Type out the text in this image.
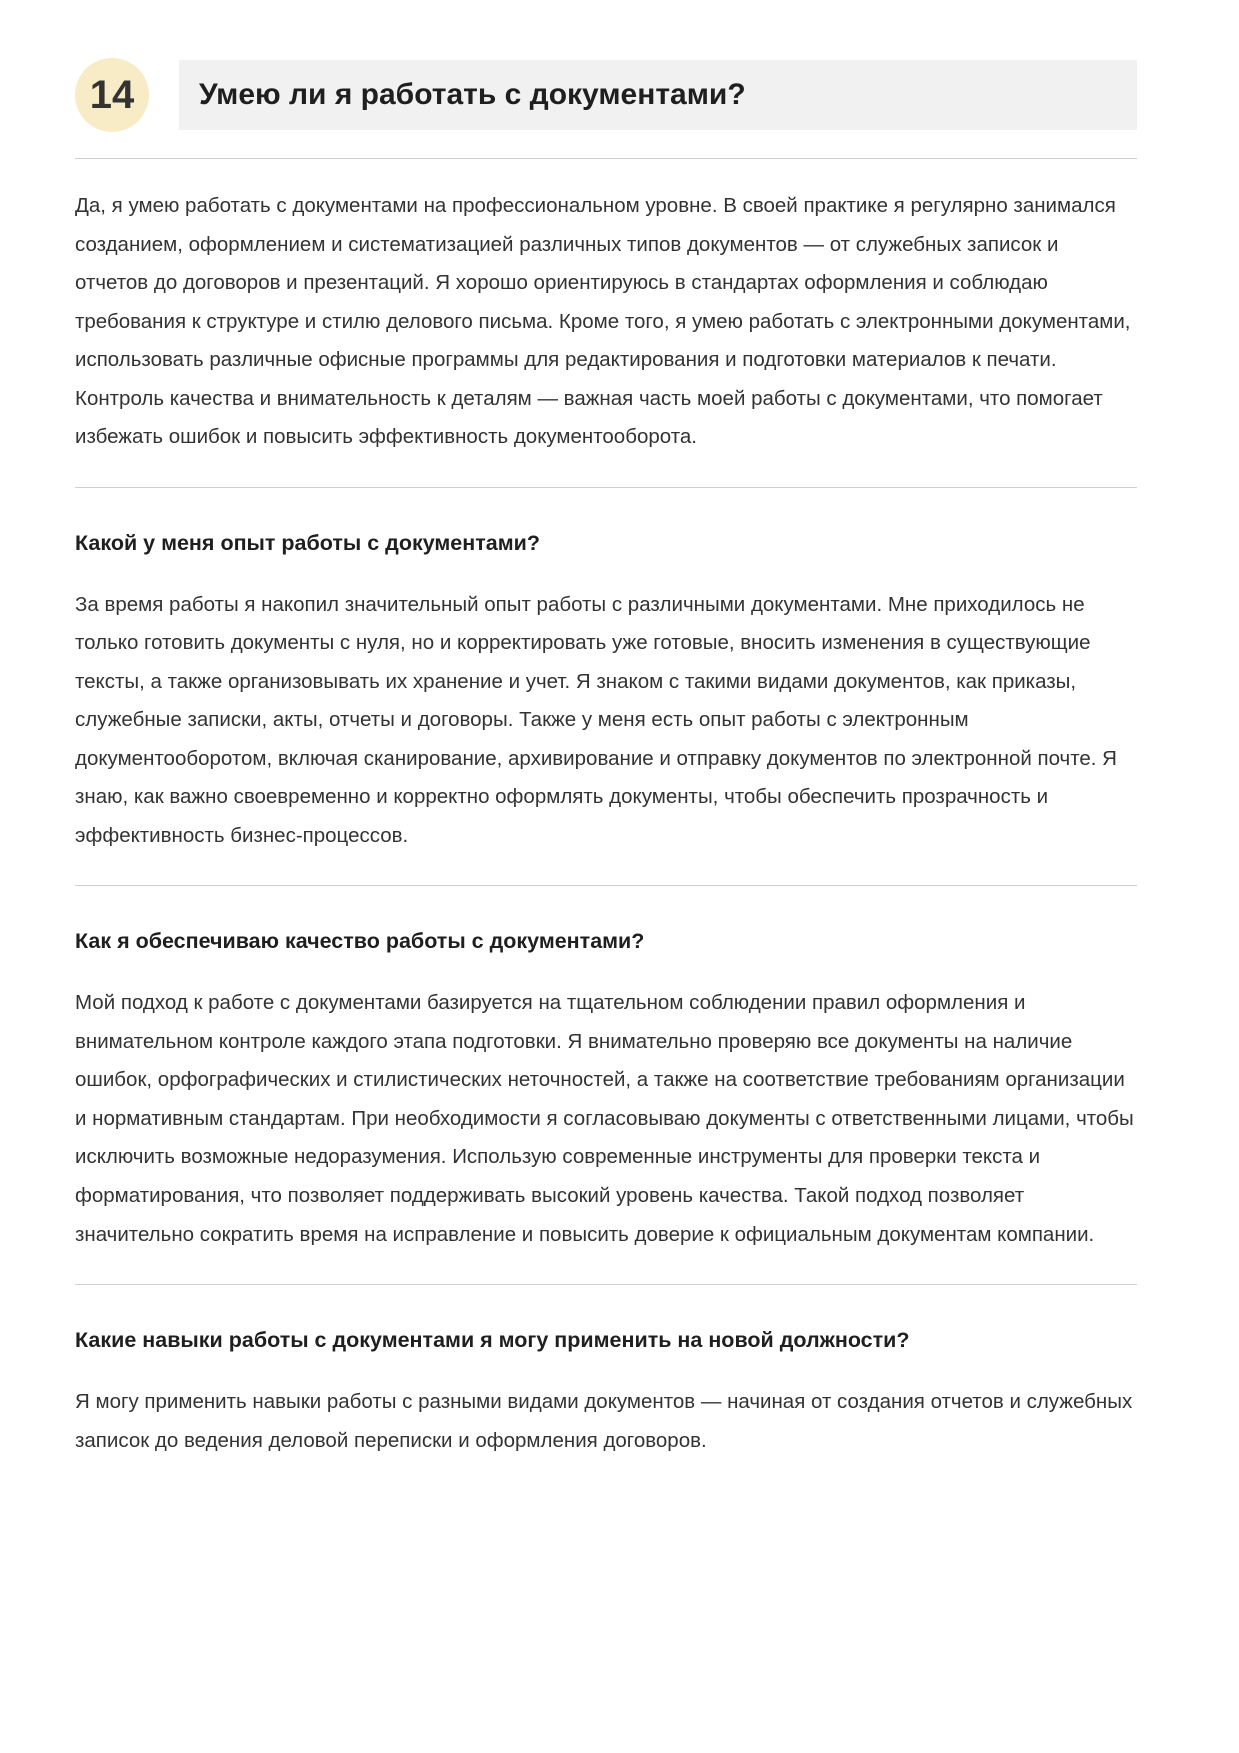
14	Умею ли я работать с документами?

Да, я умею работать с документами на профессиональном уровне. В своей практике я регулярно занимался созданием, оформлением и систематизацией различных типов документов — от служебных записок и отчетов до договоров и презентаций. Я хорошо ориентируюсь в стандартах оформления и соблюдаю требования к структуре и стилю делового письма. Кроме того, я умею работать с электронными документами, использовать различные офисные программы для редактирования и подготовки материалов к печати. Контроль качества и внимательность к деталям — важная часть моей работы с документами, что помогает избежать ошибок и повысить эффективность документооборота.

Какой у меня опыт работы с документами?

За время работы я накопил значительный опыт работы с различными документами. Мне приходилось не только готовить документы с нуля, но и корректировать уже готовые, вносить изменения в существующие тексты, а также организовывать их хранение и учет. Я знаком с такими видами документов, как приказы, служебные записки, акты, отчеты и договоры. Также у меня есть опыт работы с электронным документооборотом, включая сканирование, архивирование и отправку документов по электронной почте. Я знаю, как важно своевременно и корректно оформлять документы, чтобы обеспечить прозрачность и эффективность бизнес-процессов.

Как я обеспечиваю качество работы с документами?

Мой подход к работе с документами базируется на тщательном соблюдении правил оформления и внимательном контроле каждого этапа подготовки. Я внимательно проверяю все документы на наличие ошибок, орфографических и стилистических неточностей, а также на соответствие требованиям организации и нормативным стандартам. При необходимости я согласовываю документы с ответственными лицами, чтобы исключить возможные недоразумения. Использую современные инструменты для проверки текста и форматирования, что позволяет поддерживать высокий уровень качества. Такой подход позволяет значительно сократить время на исправление и повысить доверие к официальным документам компании.

Какие навыки работы с документами я могу применить на новой должности?

Я могу применить навыки работы с разными видами документов — начиная от создания отчетов и служебных записок до ведения деловой переписки и оформления договоров.
